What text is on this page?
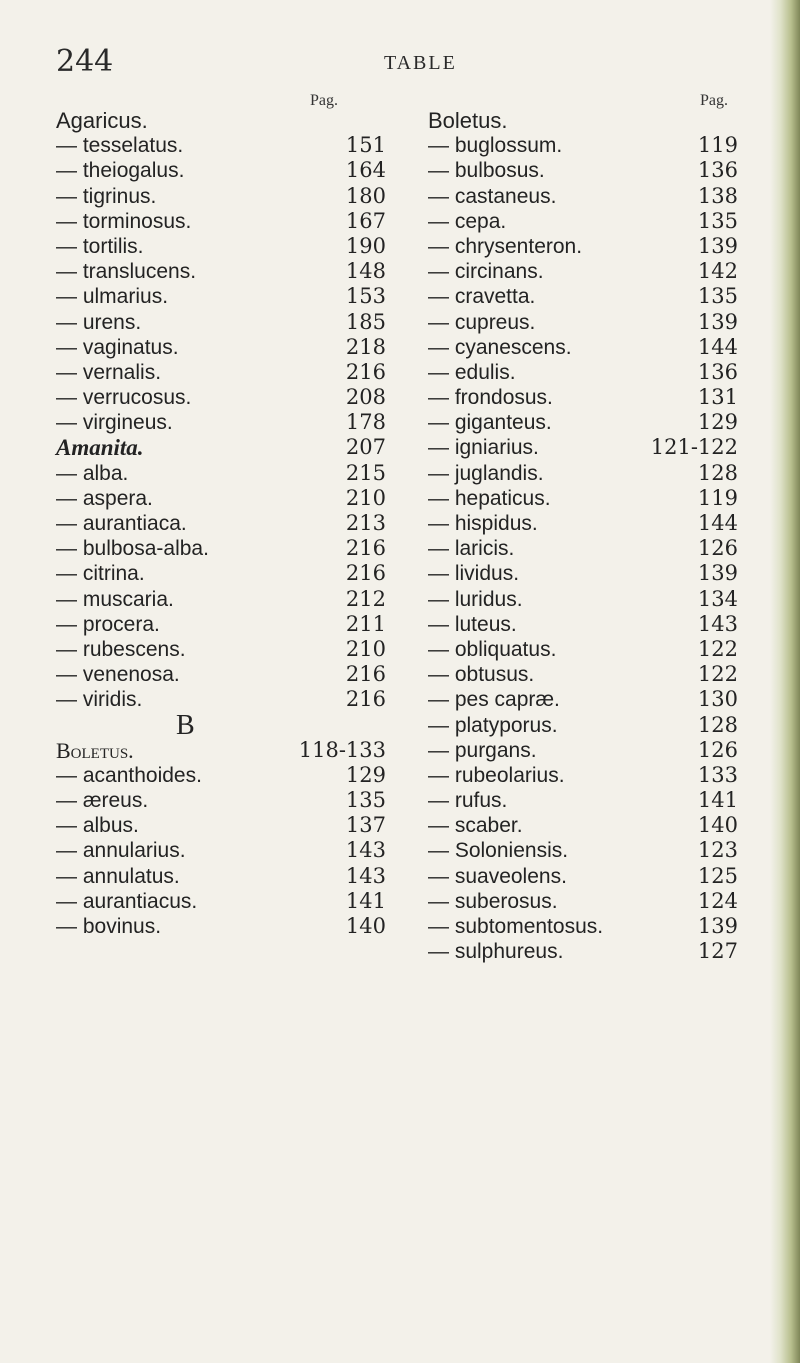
244	TABLE
Pag.	Pag.
Agaricus.
— tesselatus.	151
— theiogalus.	164
— tigrinus.	180
— torminosus.	167
— tortilis.	190
— translucens.	148
— ulmarius.	153
— urens.	185
— vaginatus.	218
— vernalis.	216
— verrucosus.	208
— virgineus.	178
Amanita.	207
— alba.	215
— aspera.	210
— aurantiaca.	213
— bulbosa-alba.	216
— citrina.	216
— muscaria.	212
— procera.	211
— rubescens.	210
— venenosa.	216
— viridis.	216
B
Boletus.	118-133
— acanthoides.	129
— æreus.	135
— albus.	137
— annularius.	143
— annulatus.	143
— aurantiacus.	141
— bovinus.	140
Boletus.
— buglossum.	119
— bulbosus.	136
— castaneus.	138
— cepa.	135
— chrysenteron.	139
— circinans.	142
— cravetta.	135
— cupreus.	139
— cyanescens.	144
— edulis.	136
— frondosus.	131
— giganteus.	129
— igniarius.	121-122
— juglandis.	128
— hepaticus.	119
— hispidus.	144
— laricis.	126
— lividus.	139
— luridus.	134
— luteus.	143
— obliquatus.	122
— obtusus.	122
— pes capræ.	130
— platyporus.	128
— purgans.	126
— rubeolarius.	133
— rufus.	141
— scaber.	140
— Soloniensis.	123
— suaveolens.	125
— suberosus.	124
— subtomentosus.	139
— sulphureus.	127
